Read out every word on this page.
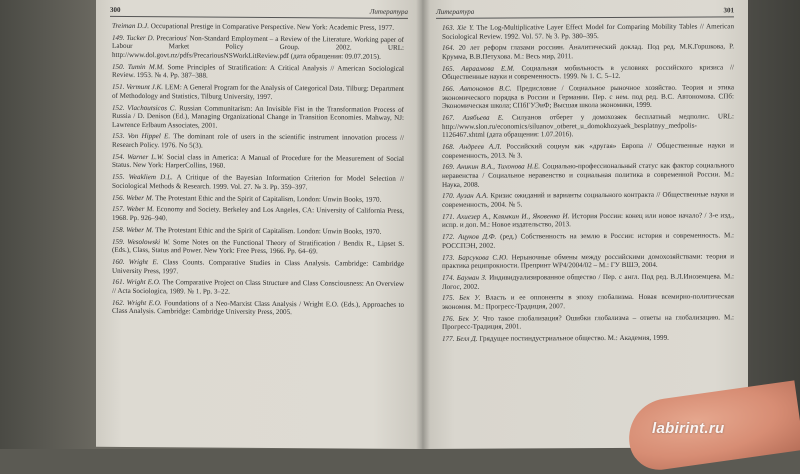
300	Литература
Treiman D.J. Occupational Prestige in Comparative Perspective. New York: Academic Press, 1977.
149. Tucker D. Precarious' Non-Standard Employment – a Review of the Literature. Working paper of Labour Market Policy Group. 2002. URL: http://www.dol.govt.nz/pdfs/PrecariousNSWorkLitReview.pdf (дата обращения: 09.07.2015).
150. Tumin M.M. Some Principles of Stratification: A Critical Analysis // American Sociological Review. 1953. № 4. Pp. 387–388.
151. Vermunt J.K. LEM: A General Program for the Analysis of Categorical Data. Tilburg: Department of Methodology and Statistics, Tilburg University, 1997.
152. Vlachoutsicos C. Russian Communitarism: An Invisible Fist in the Transformation Process of Russia / D. Denison (Ed.), Managing Organizational Change in Transition Economies. Mahway, NJ: Lawrence Erlbaum Associates, 2001.
153. Von Hippel E. The dominant role of users in the scientific instrument innovation process // Research Policy. 1976. No 5(3).
154. Warner L.W. Social class in America: A Manual of Procedure for the Measurement of Social Status. New York: HarperCollins, 1960.
155. Weakliem D.L. A Critique of the Bayesian Information Criterion for Model Selection // Sociological Methods & Research. 1999. Vol. 27. № 3. Pp. 359–397.
156. Weber M. The Protestant Ethic and the Spirit of Capitalism, London: Unwin Books, 1970.
157. Weber M. Economy and Society. Berkeley and Los Angeles, CA: University of California Press, 1968. Pp. 926–940.
158. Weber M. The Protestant Ethic and the Spirit of Capitalism. London: Unwin Books, 1970.
159. Wesolowski W. Some Notes on the Functional Theory of Stratification / Bendix R., Lipset S. (Eds.), Class, Status and Power. New York: Free Press, 1966. Pp. 64–69.
160. Wright E. Class Counts. Comparative Studies in Class Analysis. Cambridge: Cambridge University Press, 1997.
161. Wright E.O. The Comparative Project on Class Structure and Class Consciousness: An Overview // Acta Sociologica, 1989. № 1. Pp. 3–22.
162. Wright E.O. Foundations of a Neo-Marxist Class Analysis / Wright E.O. (Eds.), Approaches to Class Analysis. Cambridge: Cambridge University Press, 2005.
Литература	301
163. Xie Y. The Log-Multiplicative Layer Effect Model for Comparing Mobility Tables // American Sociological Review. 1992. Vol. 57. № 3. Pp. 380–395.
164. 20 лет реформ глазами россиян. Аналитический доклад. Под ред. М.К.Горшкова, Р. Крумма, В.В.Петухова. М.: Весь мир, 2011.
165. Авраамова Е.М. Социальная мобильность в условиях российского кризиса // Общественные науки и современность. 1999. № 1. С. 5–12.
166. Автономов В.С. Предисловие / Социальное рыночное хозяйство. Теория и этика экономического порядка в России и Германии. Пер. с нем. под ред. В.С. Автономова. СПб: Экономическая школа; СПбГУЭиФ; Высшая школа экономики, 1999.
167. Азябьева Е. Силуанов отберет у домохозяек бесплатный медполис. URL: http://www.slon.ru/economics/siluanov_otberet_u_domokhozyaek_besplatnyy_medpolis-1126467.xhtml (дата обращения: 1.07.2016).
168. Андреев А.Л. Российский социум как «другая» Европа // Общественные науки и современность, 2013. № 3.
169. Аникин В.А., Тихонова Н.Е. Социально-профессиональный статус как фактор социального неравенства / Социальное неравенство и социальная политика в современной России. М.: Наука, 2008.
170. Аузан А.А. Кризис ожиданий и варианты социального контракта // Общественные науки и современность, 2004. № 5.
171. Ахиезер А., Клямкин И., Яковенко И. История России: конец или новое начало? / 3-е изд., испр. и доп. М.: Новое издательство, 2013.
172. Ацуков Д.Ф. (ред.) Собственность на землю в России: история и современность. М.: РОССПЭН, 2002.
173. Барсукова С.Ю. Нерыночные обмены между российскими домохозяйствами: теория и практика реципрокности. Препринт WP4/2004/02 – М.: ГУ ВШЭ, 2004.
174. Бауман З. Индивидуализированное общество / Пер. с англ. Под ред. В.Л.Иноземцева. М.: Логос, 2002.
175. Бек У. Власть и ее оппоненты в эпоху глобализма. Новая всемирно-политическая экономия. М.: Прогресс-Традиция, 2007.
176. Бек У. Что такое глобализация? Ошибки глобализма – ответы на глобализацию. М.: Прогресс-Традиция, 2001.
177. Белл Д. Грядущее постиндустриальное общество. М.: Академия, 1999.
labirint.ru
